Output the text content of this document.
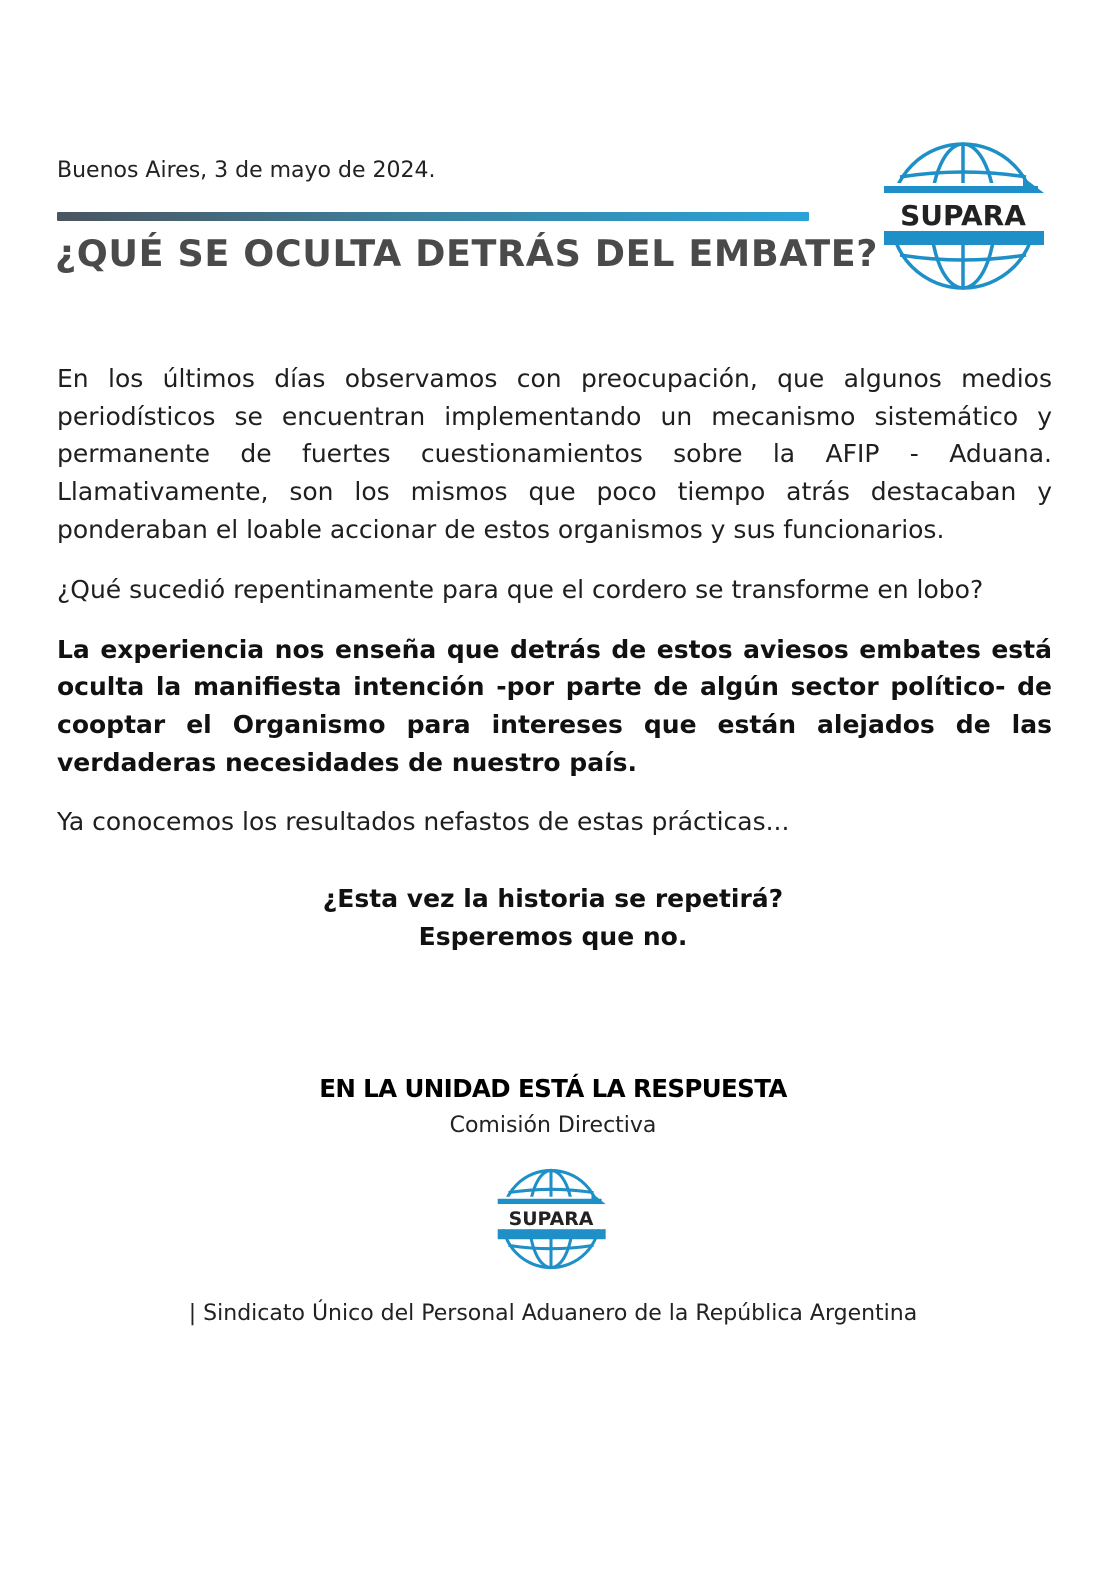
Buenos Aires, 3 de mayo de 2024.
¿QUÉ SE OCULTA DETRÁS DEL EMBATE?
SUPARA

En los últimos días observamos con preocupación, que algunos medios periodísticos se encuentran implementando un mecanismo sistemático y permanente de fuertes cuestionamientos sobre la AFIP - Aduana. Llamativamente, son los mismos que poco tiempo atrás destacaban y ponderaban el loable accionar de estos organismos y sus funcionarios.

¿Qué sucedió repentinamente para que el cordero se transforme en lobo?

La experiencia nos enseña que detrás de estos aviesos embates está oculta la manifiesta intención -por parte de algún sector político- de cooptar el Organismo para intereses que están alejados de las verdaderas necesidades de nuestro país.

Ya conocemos los resultados nefastos de estas prácticas...

¿Esta vez la historia se repetirá?
Esperemos que no.
EN LA UNIDAD ESTÁ LA RESPUESTA
Comisión Directiva
SUPARA
| Sindicato Único del Personal Aduanero de la República Argentina
